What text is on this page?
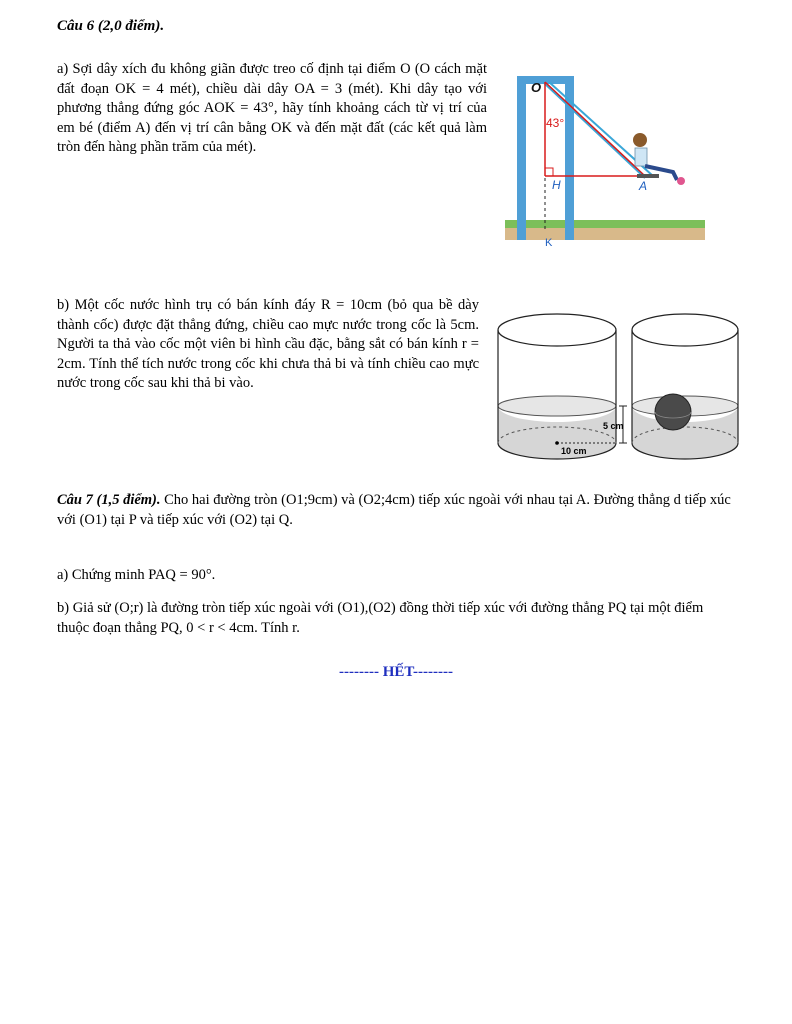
Câu 6 (2,0 điểm).
a) Sợi dây xích đu không giãn được treo cố định tại điểm O (O cách mặt đất đoạn OK = 4 mét), chiều dài dây OA = 3 (mét). Khi dây tạo với phương thẳng đứng góc AOK = 43°, hãy tính khoảng cách từ vị trí của em bé (điểm A) đến vị trí cân bằng OK và đến mặt đất (các kết quả làm tròn đến hàng phần trăm của mét).
O
43°
H	A
K
b) Một cốc nước hình trụ có bán kính đáy R = 10cm (bỏ qua bề dày thành cốc) được đặt thẳng đứng, chiều cao mực nước trong cốc là 5cm. Người ta thả vào cốc một viên bi hình cầu đặc, bằng sắt có bán kính r = 2cm. Tính thể tích nước trong cốc khi chưa thả bi và tính chiều cao mực nước trong cốc sau khi thả bi vào.
10 cm
5 cm
Câu 7 (1,5 điểm). Cho hai đường tròn (O1;9cm) và (O2;4cm) tiếp xúc ngoài với nhau tại A. Đường thẳng d tiếp xúc với (O1) tại P và tiếp xúc với (O2) tại Q.
a) Chứng minh PAQ = 90°.
b) Giả sử (O;r) là đường tròn tiếp xúc ngoài với (O1),(O2) đồng thời tiếp xúc với đường thẳng PQ tại một điểm thuộc đoạn thẳng PQ, 0 < r < 4cm. Tính r.
-------- HẾT--------
